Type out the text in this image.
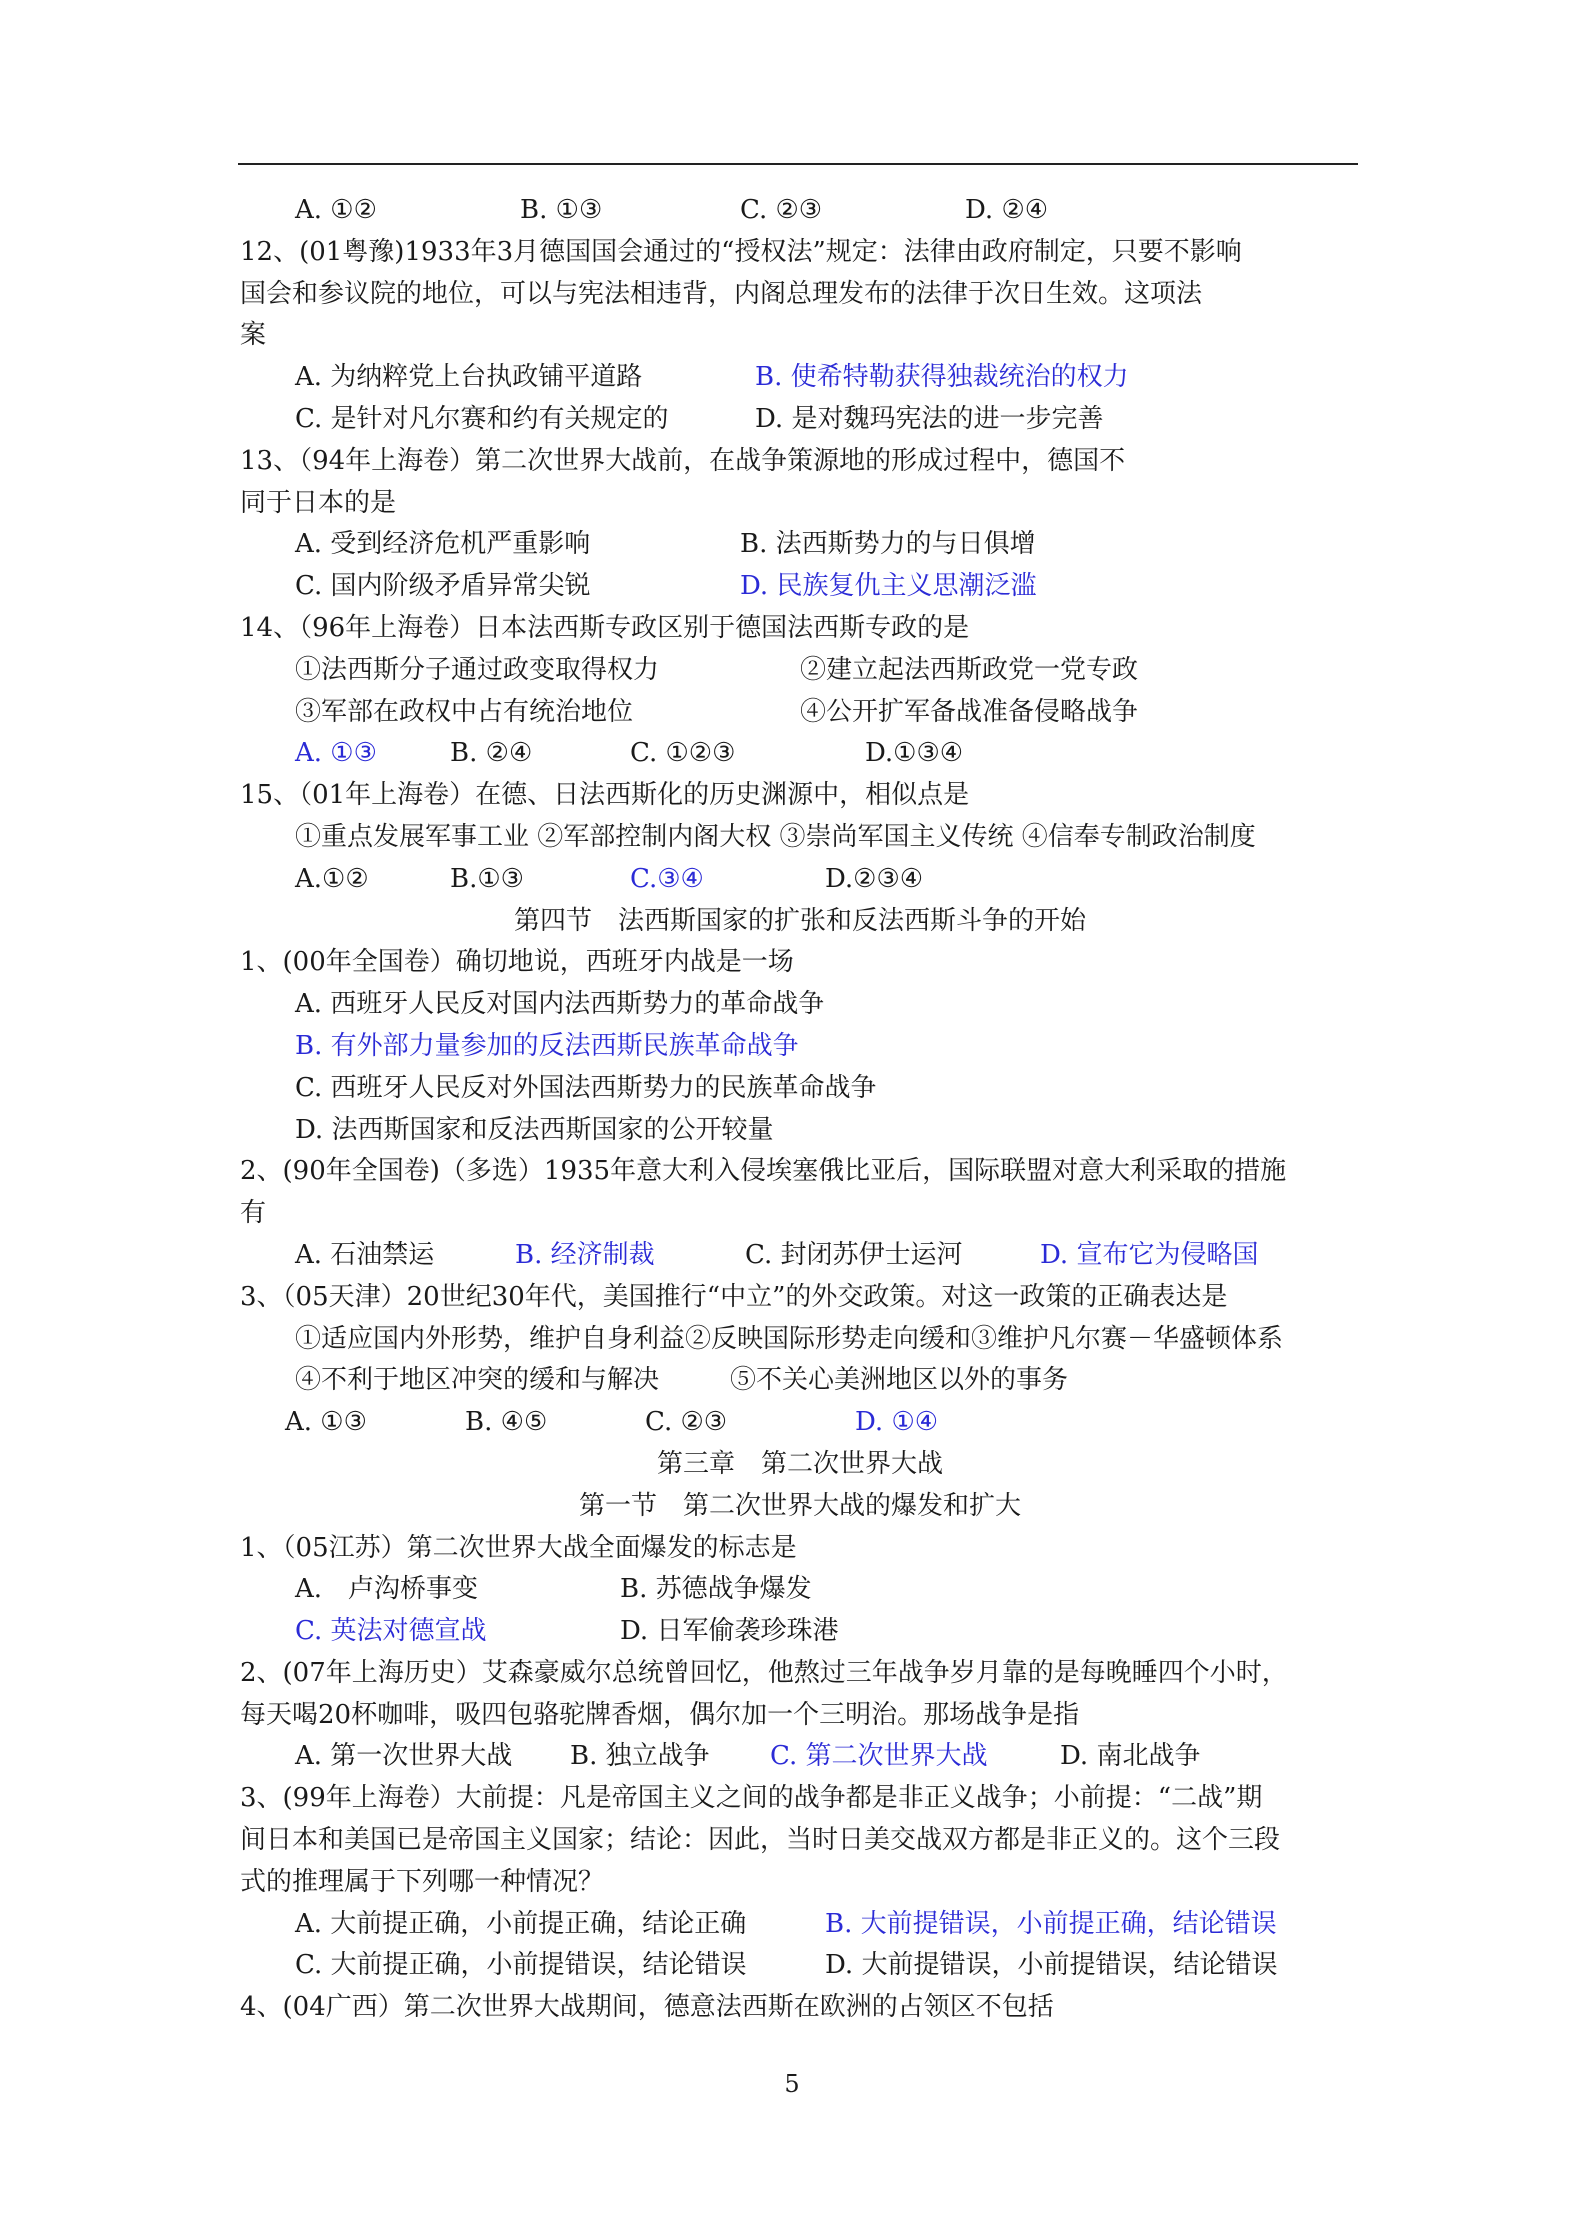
A. ①②	B. ①③	C. ②③	D. ②④
12、(01粤豫)1933年3月德国国会通过的“授权法”规定：法律由政府制定，只要不影响
国会和参议院的地位，可以与宪法相违背，内阁总理发布的法律于次日生效。这项法
案
A. 为纳粹党上台执政铺平道路	B. 使希特勒获得独裁统治的权力
C. 是针对凡尔赛和约有关规定的	D. 是对魏玛宪法的进一步完善
13、（94年上海卷）第二次世界大战前，在战争策源地的形成过程中，德国不
同于日本的是
A. 受到经济危机严重影响	B. 法西斯势力的与日俱增
C. 国内阶级矛盾异常尖锐	D. 民族复仇主义思潮泛滥
14、（96年上海卷）日本法西斯专政区别于德国法西斯专政的是
①法西斯分子通过政变取得权力	②建立起法西斯政党一党专政
③军部在政权中占有统治地位	④公开扩军备战准备侵略战争
A. ①③	B. ②④	C. ①②③	D.①③④
15、（01年上海卷）在德、日法西斯化的历史渊源中，相似点是
①重点发展军事工业 ②军部控制内阁大权 ③崇尚军国主义传统 ④信奉专制政治制度
A.①②	B.①③	C.③④	D.②③④
第四节　法西斯国家的扩张和反法西斯斗争的开始
1、(00年全国卷）确切地说，西班牙内战是一场
A. 西班牙人民反对国内法西斯势力的革命战争
B. 有外部力量参加的反法西斯民族革命战争
C. 西班牙人民反对外国法西斯势力的民族革命战争
D. 法西斯国家和反法西斯国家的公开较量
2、(90年全国卷)（多选）1935年意大利入侵埃塞俄比亚后，国际联盟对意大利采取的措施
有
A. 石油禁运	B. 经济制裁	C. 封闭苏伊士运河	D. 宣布它为侵略国
3、（05天津）20世纪30年代，美国推行“中立”的外交政策。对这一政策的正确表达是
①适应国内外形势，维护自身利益②反映国际形势走向缓和③维护凡尔赛－华盛顿体系
④不利于地区冲突的缓和与解决	⑤不关心美洲地区以外的事务
A. ①③	B. ④⑤	C. ②③	D. ①④
第三章　第二次世界大战
第一节　第二次世界大战的爆发和扩大
1、（05江苏）第二次世界大战全面爆发的标志是
A.　卢沟桥事变	B. 苏德战争爆发
C. 英法对德宣战	D. 日军偷袭珍珠港
2、(07年上海历史）艾森豪威尔总统曾回忆，他熬过三年战争岁月靠的是每晚睡四个小时，
每天喝20杯咖啡，吸四包骆驼牌香烟，偶尔加一个三明治。那场战争是指
A. 第一次世界大战 B. 独立战争 C. 第二次世界大战	D. 南北战争
3、(99年上海卷）大前提：凡是帝国主义之间的战争都是非正义战争；小前提：“二战”期
间日本和美国已是帝国主义国家；结论：因此，当时日美交战双方都是非正义的。这个三段
式的推理属于下列哪一种情况？
A. 大前提正确，小前提正确，结论正确	B. 大前提错误，小前提正确，结论错误
C. 大前提正确，小前提错误，结论错误	D. 大前提错误，小前提错误，结论错误
4、(04广西）第二次世界大战期间，德意法西斯在欧洲的占领区不包括
5
